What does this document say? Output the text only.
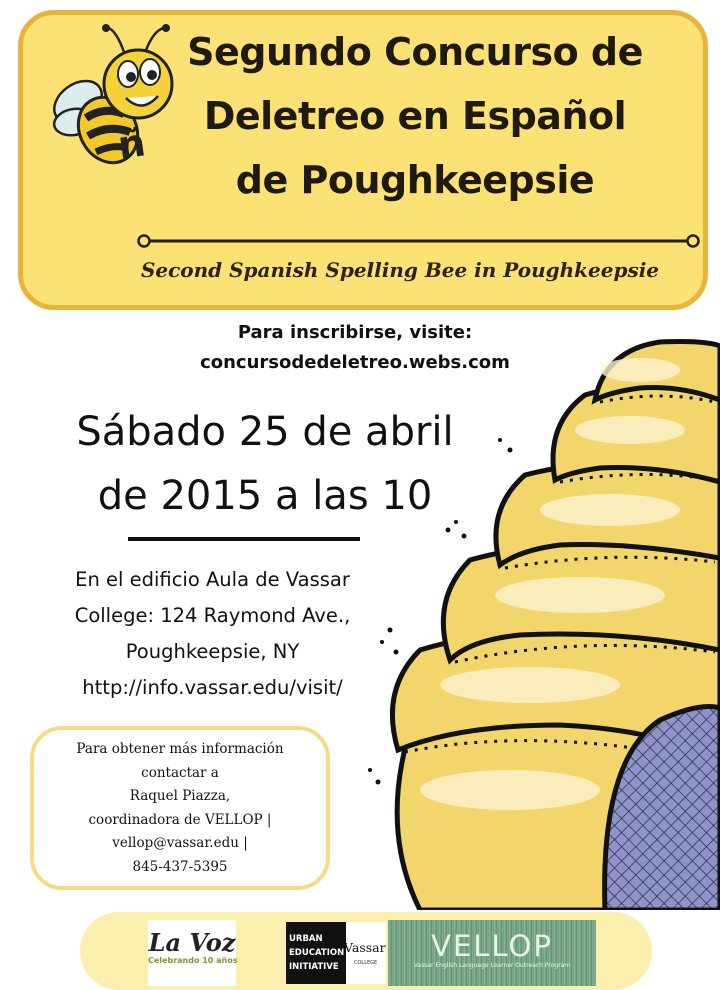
ñ
Segundo Concurso de
Deletreo en Español
de Poughkeepsie
Second Spanish Spelling Bee in Poughkeepsie
Para inscribirse, visite:
concursodedeletreo.webs.com
Sábado 25 de abril
de 2015 a las 10
En el edificio Aula de Vassar
College: 124 Raymond Ave.,
Poughkeepsie, NY
http://info.vassar.edu/visit/
Para obtener más información
contactar a
Raquel Piazza,
coordinadora de VELLOP |
vellop@vassar.edu |
845-437-5395
La Voz
Celebrando 10 años
URBAN
EDUCATION
INITIATIVE
Vassar
COLLEGE	VELLOP
Vassar English Language Learner Outreach Program
